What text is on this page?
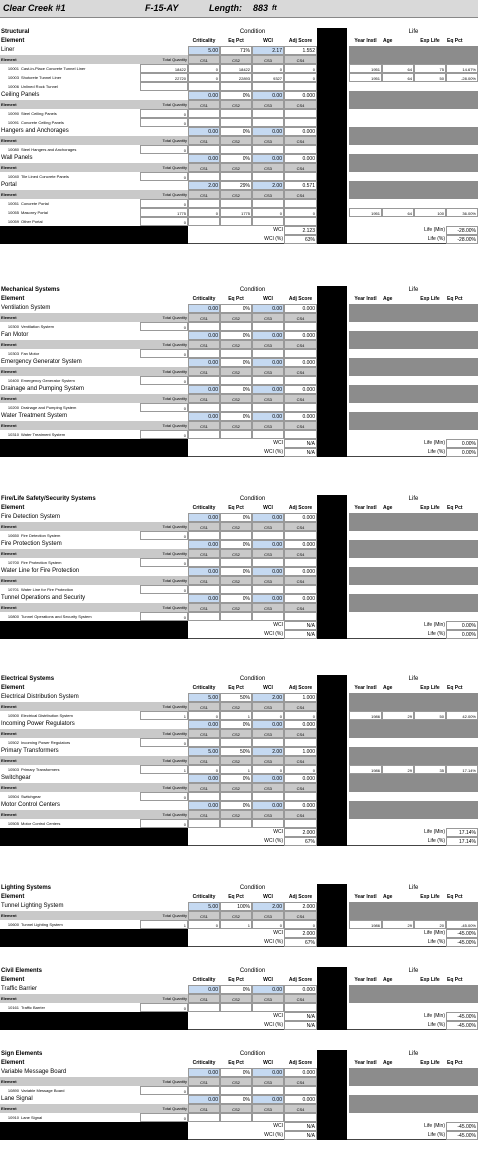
Clear Creek #1	F-15-AY	Length: 883 ft
Structural	Condition	Life
Element	Criticality	Eq Pct	WCI	Adj Score	Year Instl	Age	Exp Life	Eq Pct
Liner	5.00	71%	2.17	1.552
Element	Total Quantity	CS1	CS2	CS3	CS4
10001 Cast-in-Place Concrete Tunnel Liner	18422	0	18422	0	0	1951	64	75	14.67%
10003 Shotcrete Tunnel Liner	22720	0	22893	9327	0	1951	64	50	-28.00%
10006 Unlined Rock Tunnel
Ceiling Panels	0.00	0%	0.00	0.000
Element	Total Quantity	CS1	CS2	CS3	CS4
10090 Steel Ceiling Panels	0
10091 Concrete Ceiling Panels	0
Hangers and Anchorages	0.00	0%	0.00	0.000
Element	Total Quantity	CS1	CS2	CS3	CS4
10080 Steel Hangers and Anchorages	0
Wall Panels	0.00	0%	0.00	0.000
Element	Total Quantity	CS1	CS2	CS3	CS4
10040 Tile Lined Concrete Panels	0
Portal	2.00	29%	2.00	0.571
Element	Total Quantity	CS1	CS2	CS3	CS4
10051 Concrete Portal	0
10055 Masonry Portal	1775	0	1775	0	0	1951	64	100	36.00%
10059 Other Portal	0
WCI	2.123	Life (Min)	-28.00%
WCI (%)	63%	Life (%)	-28.00%
Mechanical Systems	Condition	Life
Element	Criticality	Eq Pct	WCI	Adj Score	Year Instl	Age	Exp Life	Eq Pct
Ventilation System	0.00	0%	0.00	0.000
Element	Total Quantity	CS1	CS2	CS3	CS4
10300 Ventilation System	0
Fan Motor	0.00	0%	0.00	0.000
Element	Total Quantity	CS1	CS2	CS3	CS4
10303 Fan Motor	0
Emergency Generator System	0.00	0%	0.00	0.000
Element	Total Quantity	CS1	CS2	CS3	CS4
10400 Emergency Generator System	0
Drainage and Pumping System	0.00	0%	0.00	0.000
Element	Total Quantity	CS1	CS2	CS3	CS4
10200 Drainage and Pumping System	0
Water Treatment System	0.00	0%	0.00	0.000
Element	Total Quantity	CS1	CS2	CS3	CS4
10310 Water Treatment System	0
WCI	N/A	Life (Min)	0.00%
WCI (%)	N/A	Life (%)	0.00%
Fire/Life Safety/Security Systems	Condition	Life
Element	Criticality	Eq Pct	WCI	Adj Score	Year Instl	Age	Exp Life	Eq Pct
Fire Detection System	0.00	0%	0.00	0.000
Element	Total Quantity	CS1	CS2	CS3	CS4
10650 Fire Detection System	0
Fire Protection System	0.00	0%	0.00	0.000
Element	Total Quantity	CS1	CS2	CS3	CS4
10700 Fire Protection System	0
Water Line for Fire Protection	0.00	0%	0.00	0.000
Element	Total Quantity	CS1	CS2	CS3	CS4
10701 Water Line for Fire Protection	0
Tunnel Operations and Security	0.00	0%	0.00	0.000
Element	Total Quantity	CS1	CS2	CS3	CS4
10800 Tunnel Operations and Security System	0
WCI	N/A	Life (Min)	0.00%
WCI (%)	N/A	Life (%)	0.00%
Electrical Systems	Condition	Life
Element	Criticality	Eq Pct	WCI	Adj Score	Year Instl	Age	Exp Life	Eq Pct
Electrical Distribution System	5.00	50%	2.00	1.000
Element	Total Quantity	CS1	CS2	CS3	CS4
10500 Electrical Distribution System	1	0	1	0	0	1986	29	50	42.00%
Incoming Power Regulators	0.00	0%	0.00	0.000
Element	Total Quantity	CS1	CS2	CS3	CS4
10502 Incoming Power Regulators	0
Primary Transformers	5.00	50%	2.00	1.000
Element	Total Quantity	CS1	CS2	CS3	CS4
10503 Primary Transformers	1	0	1	0	0	1986	29	35	17.14%
Switchgear	0.00	0%	0.00	0.000
Element	Total Quantity	CS1	CS2	CS3	CS4
10504 Switchgear	0
Motor Control Centers	0.00	0%	0.00	0.000
Element	Total Quantity	CS1	CS2	CS3	CS4
10505 Motor Control Centers	0
WCI	2.000	Life (Min)	17.14%
WCI (%)	67%	Life (%)	17.14%
Lighting Systems	Condition	Life
Element	Criticality	Eq Pct	WCI	Adj Score	Year Instl	Age	Exp Life	Eq Pct
Tunnel Lighting System	5.00	100%	2.00	2.000
Element	Total Quantity	CS1	CS2	CS3	CS4
10600 Tunnel Lighting System	1	0	1	0	0	1986	29	20	-45.00%
WCI	2.000	Life (Min)	-45.00%
WCI (%)	67%	Life (%)	-45.00%
Civil Elements	Condition	Life
Element	Criticality	Eq Pct	WCI	Adj Score	Year Instl	Age	Exp Life	Eq Pct
Traffic Barrier	0.00	0%	0.00	0.000
Element	Total Quantity	CS1	CS2	CS3	CS4
10161 Traffic Barrier	0
WCI	N/A	Life (Min)	-45.00%
WCI (%)	N/A	Life (%)	-45.00%
Sign Elements	Condition	Life
Element	Criticality	Eq Pct	WCI	Adj Score	Year Instl	Age	Exp Life	Eq Pct
Variable Message Board	0.00	0%	0.00	0.000
Element	Total Quantity	CS1	CS2	CS3	CS4
10890 Variable Message Board	0
Lane Signal	0.00	0%	0.00	0.000
Element	Total Quantity	CS1	CS2	CS3	CS4
10910 Lane Signal	0
WCI	N/A	Life (Min)	-45.00%
WCI (%)	N/A	Life (%)	-45.00%
